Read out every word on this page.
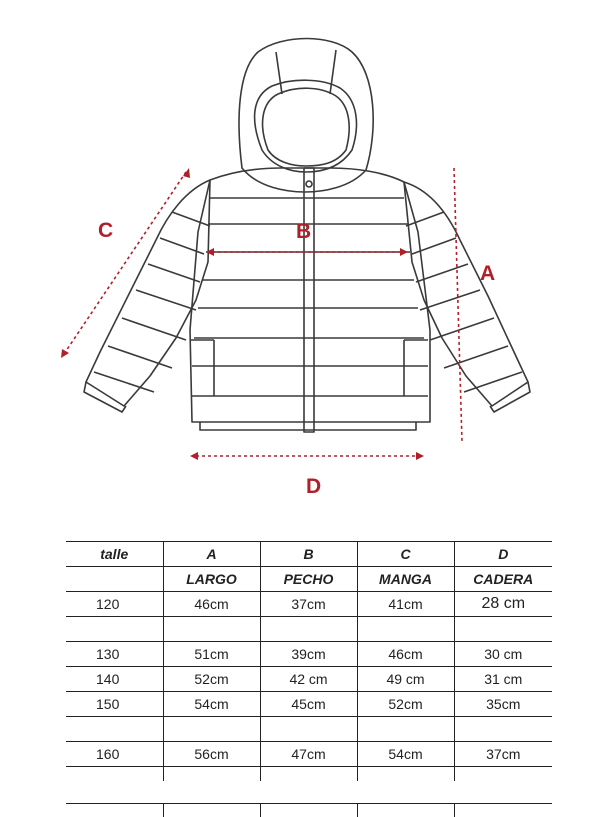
C	B
A
D
talle	A	B	C	D
	LARGO	PECHO	MANGA	CADERA
120	46cm	37cm	41cm	28 cm

130	51cm	39cm	46cm	30 cm
140	52cm	42 cm	49 cm	31 cm
150	54cm	45cm	52cm	35cm

160	56cm	47cm	54cm	37cm
